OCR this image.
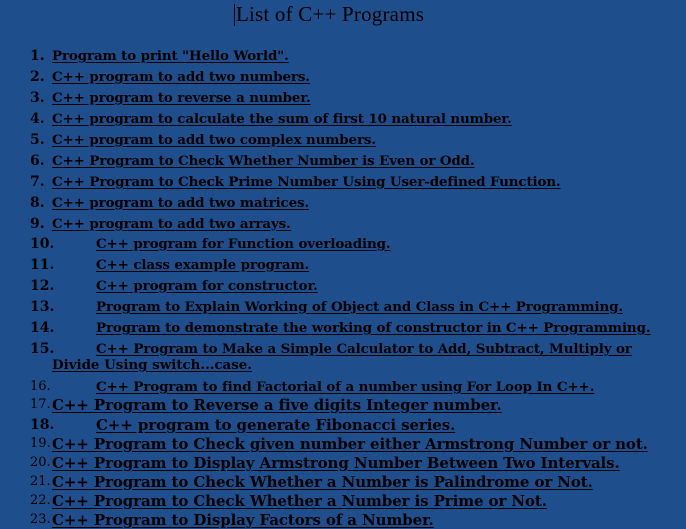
List of C++ Programs
1. Program to print "Hello World".
2. C++ program to add two numbers.
3. C++ program to reverse a number.
4. C++ program to calculate the sum of first 10 natural number.
5. C++ program to add two complex numbers.
6. C++ Program to Check Whether Number is Even or Odd.
7. C++ Program to Check Prime Number Using User-defined Function.
8. C++ program to add two matrices.
9. C++ program to add two arrays.
10.	C++ program for Function overloading.
11.	C++ class example program.
12.	C++ program for constructor.
13.	Program to Explain Working of Object and Class in C++ Programming.
14.	Program to demonstrate the working of constructor in C++ Programming.
15.	C++ Program to Make a Simple Calculator to Add, Subtract, Multiply or
Divide Using switch...case.
16.	C++ Program to find Factorial of a number using For Loop In C++.
17. C++ Program to Reverse a five digits Integer number.
18.	C++ program to generate Fibonacci series.
19. C++ Program to Check given number either Armstrong Number or not.
20. C++ Program to Display Armstrong Number Between Two Intervals.
21. C++ Program to Check Whether a Number is Palindrome or Not.
22. C++ Program to Check Whether a Number is Prime or Not.
23. C++ Program to Display Factors of a Number.
